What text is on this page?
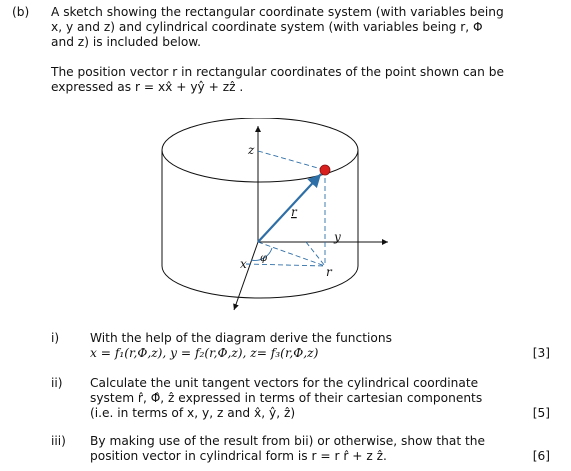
(b) A sketch showing the rectangular coordinate system (with variables being
x, y and z) and cylindrical coordinate system (with variables being r, Φ
and z) is included below.
The position vector r in rectangular coordinates of the point shown can be
expressed as r = xx̂ + yŷ + zẑ .
z
y
x
r
r
φ
i)	With the help of the diagram derive the functions
x = f₁(r,Φ,z), y = f₂(r,Φ,z), z= f₃(r,Φ,z)	[3]
ii) Calculate the unit tangent vectors for the cylindrical coordinate
system r̂, Φ̂, ẑ expressed in terms of their cartesian components
(i.e. in terms of x, y, z and x̂, ŷ, ẑ)	[5]
iii) By making use of the result from bii) or otherwise, show that the
position vector in cylindrical form is r = r r̂ + z ẑ.	[6]
